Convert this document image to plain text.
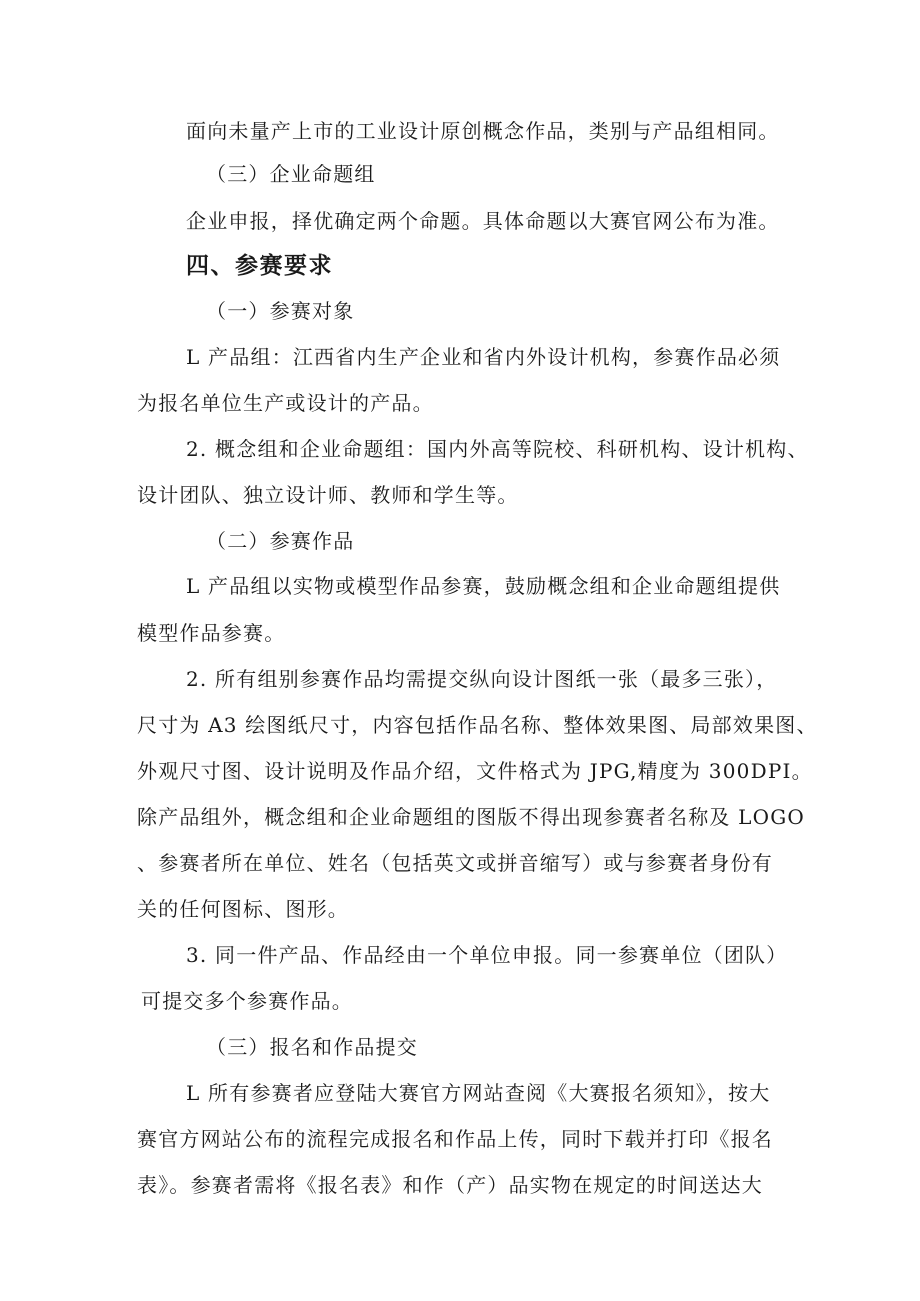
面向未量产上市的工业设计原创概念作品，类别与产品组相同。
（三）企业命题组
企业申报，择优确定两个命题。具体命题以大赛官网公布为准。
四、参赛要求
（一）参赛对象
L 产品组：江西省内生产企业和省内外设计机构，参赛作品必须
为报名单位生产或设计的产品。
2. 概念组和企业命题组：国内外高等院校、科研机构、设计机构、
设计团队、独立设计师、教师和学生等。
（二）参赛作品
L 产品组以实物或模型作品参赛，鼓励概念组和企业命题组提供
模型作品参赛。
2. 所有组别参赛作品均需提交纵向设计图纸一张（最多三张），
尺寸为 A3 绘图纸尺寸，内容包括作品名称、整体效果图、局部效果图、
外观尺寸图、设计说明及作品介绍，文件格式为 JPG,精度为 300DPI。
除产品组外，概念组和企业命题组的图版不得出现参赛者名称及 LOGO
、参赛者所在单位、姓名（包括英文或拼音缩写）或与参赛者身份有
关的任何图标、图形。
3. 同一件产品、作品经由一个单位申报。同一参赛单位（团队）
可提交多个参赛作品。
（三）报名和作品提交
L 所有参赛者应登陆大赛官方网站查阅《大赛报名须知》，按大
赛官方网站公布的流程完成报名和作品上传，同时下载并打印《报名
表》。参赛者需将《报名表》和作（产）品实物在规定的时间送达大
